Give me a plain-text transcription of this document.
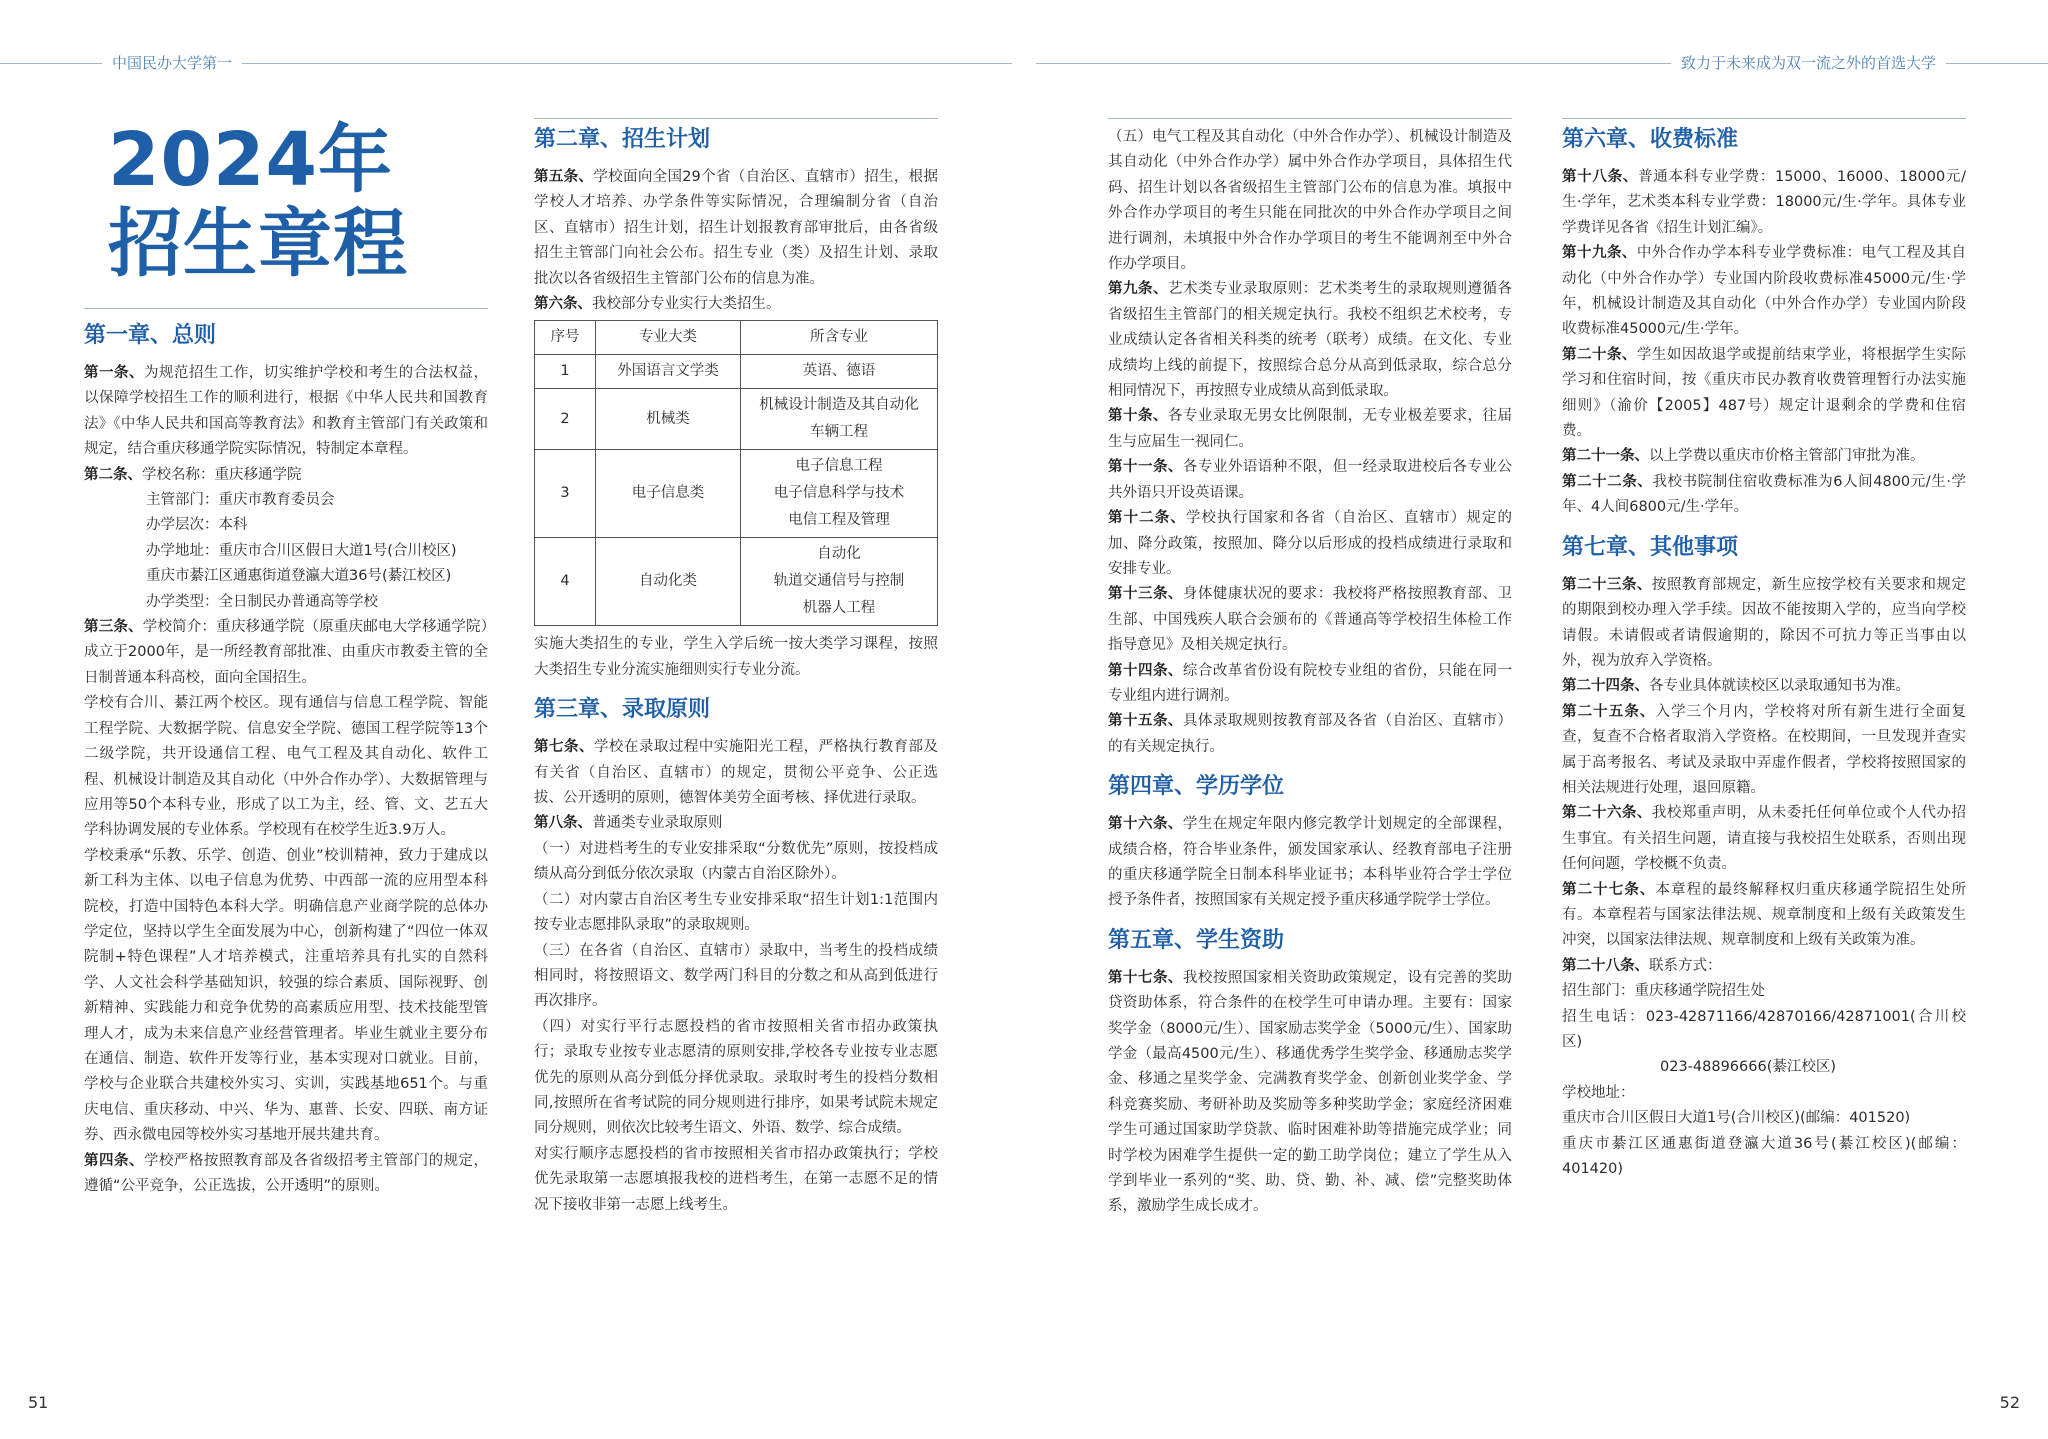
中国民办大学第一	致力于未来成为双一流之外的首选大学
2024年
招生章程
第一章、总则

第一条、为规范招生工作，切实维护学校和考生的合法权益，以保障学校招生工作的顺利进行，根据《中华人民共和国教育法》《中华人民共和国高等教育法》和教育主管部门有关政策和规定，结合重庆移通学院实际情况，特制定本章程。

第二条、学校名称：重庆移通学院

主管部门：重庆市教育委员会

办学层次：本科

办学地址：重庆市合川区假日大道1号(合川校区)

重庆市綦江区通惠街道登瀛大道36号(綦江校区)

办学类型：全日制民办普通高等学校

第三条、学校简介：重庆移通学院（原重庆邮电大学移通学院）成立于2000年，是一所经教育部批准、由重庆市教委主管的全日制普通本科高校，面向全国招生。

学校有合川、綦江两个校区。现有通信与信息工程学院、智能工程学院、大数据学院、信息安全学院、德国工程学院等13个二级学院，共开设通信工程、电气工程及其自动化、软件工程、机械设计制造及其自动化（中外合作办学）、大数据管理与应用等50个本科专业，形成了以工为主，经、管、文、艺五大学科协调发展的专业体系。学校现有在校学生近3.9万人。

学校秉承“乐教、乐学、创造、创业”校训精神，致力于建成以新工科为主体、以电子信息为优势、中西部一流的应用型本科院校，打造中国特色本科大学。明确信息产业商学院的总体办学定位，坚持以学生全面发展为中心，创新构建了“四位一体双院制+特色课程”人才培养模式，注重培养具有扎实的自然科学、人文社会科学基础知识，较强的综合素质、国际视野、创新精神、实践能力和竞争优势的高素质应用型、技术技能型管理人才，成为未来信息产业经营管理者。毕业生就业主要分布在通信、制造、软件开发等行业，基本实现对口就业。目前，学校与企业联合共建校外实习、实训，实践基地651个。与重庆电信、重庆移动、中兴、华为、惠普、长安、四联、南方证券、西永微电园等校外实习基地开展共建共育。

第四条、学校严格按照教育部及各省级招考主管部门的规定，遵循“公平竞争，公正选拔，公开透明”的原则。

第二章、招生计划

第五条、学校面向全国29个省（自治区、直辖市）招生，根据学校人才培养、办学条件等实际情况，合理编制分省（自治区、直辖市）招生计划，招生计划报教育部审批后，由各省级招生主管部门向社会公布。招生专业（类）及招生计划、录取批次以各省级招生主管部门公布的信息为准。

第六条、我校部分专业实行大类招生。

序号	专业大类	所含专业
1	外国语言文学类	英语、德语

2	机械类	机械设计制造及其自动化
车辆工程

3	电子信息类	电子信息工程
电子信息科学与技术
电信工程及管理

4	自动化类	自动化
轨道交通信号与控制
机器人工程

实施大类招生的专业，学生入学后统一按大类学习课程，按照大类招生专业分流实施细则实行专业分流。

第三章、录取原则

第七条、学校在录取过程中实施阳光工程，严格执行教育部及有关省（自治区、直辖市）的规定，贯彻公平竞争、公正选拔、公开透明的原则，德智体美劳全面考核、择优进行录取。

第八条、普通类专业录取原则

（一）对进档考生的专业安排采取“分数优先”原则，按投档成绩从高分到低分依次录取（内蒙古自治区除外）。

（二）对内蒙古自治区考生专业安排采取“招生计划1:1范围内按专业志愿排队录取”的录取规则。

（三）在各省（自治区、直辖市）录取中，当考生的投档成绩相同时，将按照语文、数学两门科目的分数之和从高到低进行再次排序。

（四）对实行平行志愿投档的省市按照相关省市招办政策执行；录取专业按专业志愿清的原则安排,学校各专业按专业志愿优先的原则从高分到低分择优录取。录取时考生的投档分数相同,按照所在省考试院的同分规则进行排序，如果考试院未规定同分规则，则依次比较考生语文、外语、数学、综合成绩。

对实行顺序志愿投档的省市按照相关省市招办政策执行；学校优先录取第一志愿填报我校的进档考生，在第一志愿不足的情况下接收非第一志愿上线考生。

（五）电气工程及其自动化（中外合作办学）、机械设计制造及其自动化（中外合作办学）属中外合作办学项目，具体招生代码、招生计划以各省级招生主管部门公布的信息为准。填报中外合作办学项目的考生只能在同批次的中外合作办学项目之间进行调剂，未填报中外合作办学项目的考生不能调剂至中外合作办学项目。

第九条、艺术类专业录取原则：艺术类考生的录取规则遵循各省级招生主管部门的相关规定执行。我校不组织艺术校考，专业成绩认定各省相关科类的统考（联考）成绩。在文化、专业成绩均上线的前提下，按照综合总分从高到低录取，综合总分相同情况下，再按照专业成绩从高到低录取。

第十条、各专业录取无男女比例限制，无专业极差要求，往届生与应届生一视同仁。

第十一条、各专业外语语种不限，但一经录取进校后各专业公共外语只开设英语课。

第十二条、学校执行国家和各省（自治区、直辖市）规定的加、降分政策，按照加、降分以后形成的投档成绩进行录取和安排专业。

第十三条、身体健康状况的要求：我校将严格按照教育部、卫生部、中国残疾人联合会颁布的《普通高等学校招生体检工作指导意见》及相关规定执行。

第十四条、综合改革省份设有院校专业组的省份，只能在同一专业组内进行调剂。

第十五条、具体录取规则按教育部及各省（自治区、直辖市）的有关规定执行。

第四章、学历学位

第十六条、学生在规定年限内修完教学计划规定的全部课程，成绩合格，符合毕业条件，颁发国家承认、经教育部电子注册的重庆移通学院全日制本科毕业证书；本科毕业符合学士学位授予条件者，按照国家有关规定授予重庆移通学院学士学位。

第五章、学生资助

第十七条、我校按照国家相关资助政策规定，设有完善的奖助贷资助体系，符合条件的在校学生可申请办理。主要有：国家奖学金（8000元/生）、国家励志奖学金（5000元/生）、国家助学金（最高4500元/生）、移通优秀学生奖学金、移通励志奖学金、移通之星奖学金、完满教育奖学金、创新创业奖学金、学科竞赛奖励、考研补助及奖励等多种奖助学金；家庭经济困难学生可通过国家助学贷款、临时困难补助等措施完成学业；同时学校为困难学生提供一定的勤工助学岗位；建立了学生从入学到毕业一系列的“奖、助、贷、勤、补、减、偿”完整奖助体系，激励学生成长成才。

第六章、收费标准

第十八条、普通本科专业学费：15000、16000、18000元/生·学年，艺术类本科专业学费：18000元/生·学年。具体专业学费详见各省《招生计划汇编》。

第十九条、中外合作办学本科专业学费标准：电气工程及其自动化（中外合作办学）专业国内阶段收费标准45000元/生·学年，机械设计制造及其自动化（中外合作办学）专业国内阶段收费标准45000元/生·学年。

第二十条、学生如因故退学或提前结束学业，将根据学生实际学习和住宿时间，按《重庆市民办教育收费管理暂行办法实施细则》（渝价【2005】487号）规定计退剩余的学费和住宿费。

第二十一条、以上学费以重庆市价格主管部门审批为准。

第二十二条、我校书院制住宿收费标准为6人间4800元/生·学年、4人间6800元/生·学年。

第七章、其他事项

第二十三条、按照教育部规定，新生应按学校有关要求和规定的期限到校办理入学手续。因故不能按期入学的，应当向学校请假。未请假或者请假逾期的，除因不可抗力等正当事由以外，视为放弃入学资格。

第二十四条、各专业具体就读校区以录取通知书为准。

第二十五条、入学三个月内，学校将对所有新生进行全面复查，复查不合格者取消入学资格。在校期间，一旦发现并查实属于高考报名、考试及录取中弄虚作假者，学校将按照国家的相关法规进行处理，退回原籍。

第二十六条、我校郑重声明，从未委托任何单位或个人代办招生事宜。有关招生问题，请直接与我校招生处联系，否则出现任何问题，学校概不负责。

第二十七条、本章程的最终解释权归重庆移通学院招生处所有。本章程若与国家法律法规、规章制度和上级有关政策发生冲突，以国家法律法规、规章制度和上级有关政策为准。

第二十八条、联系方式：

招生部门：重庆移通学院招生处

招生电话：023-42871166/42870166/42871001(合川校区)

023-48896666(綦江校区)

学校地址：

重庆市合川区假日大道1号(合川校区)(邮编：401520)

重庆市綦江区通惠街道登瀛大道36号(綦江校区)(邮编：401420)

51	52
